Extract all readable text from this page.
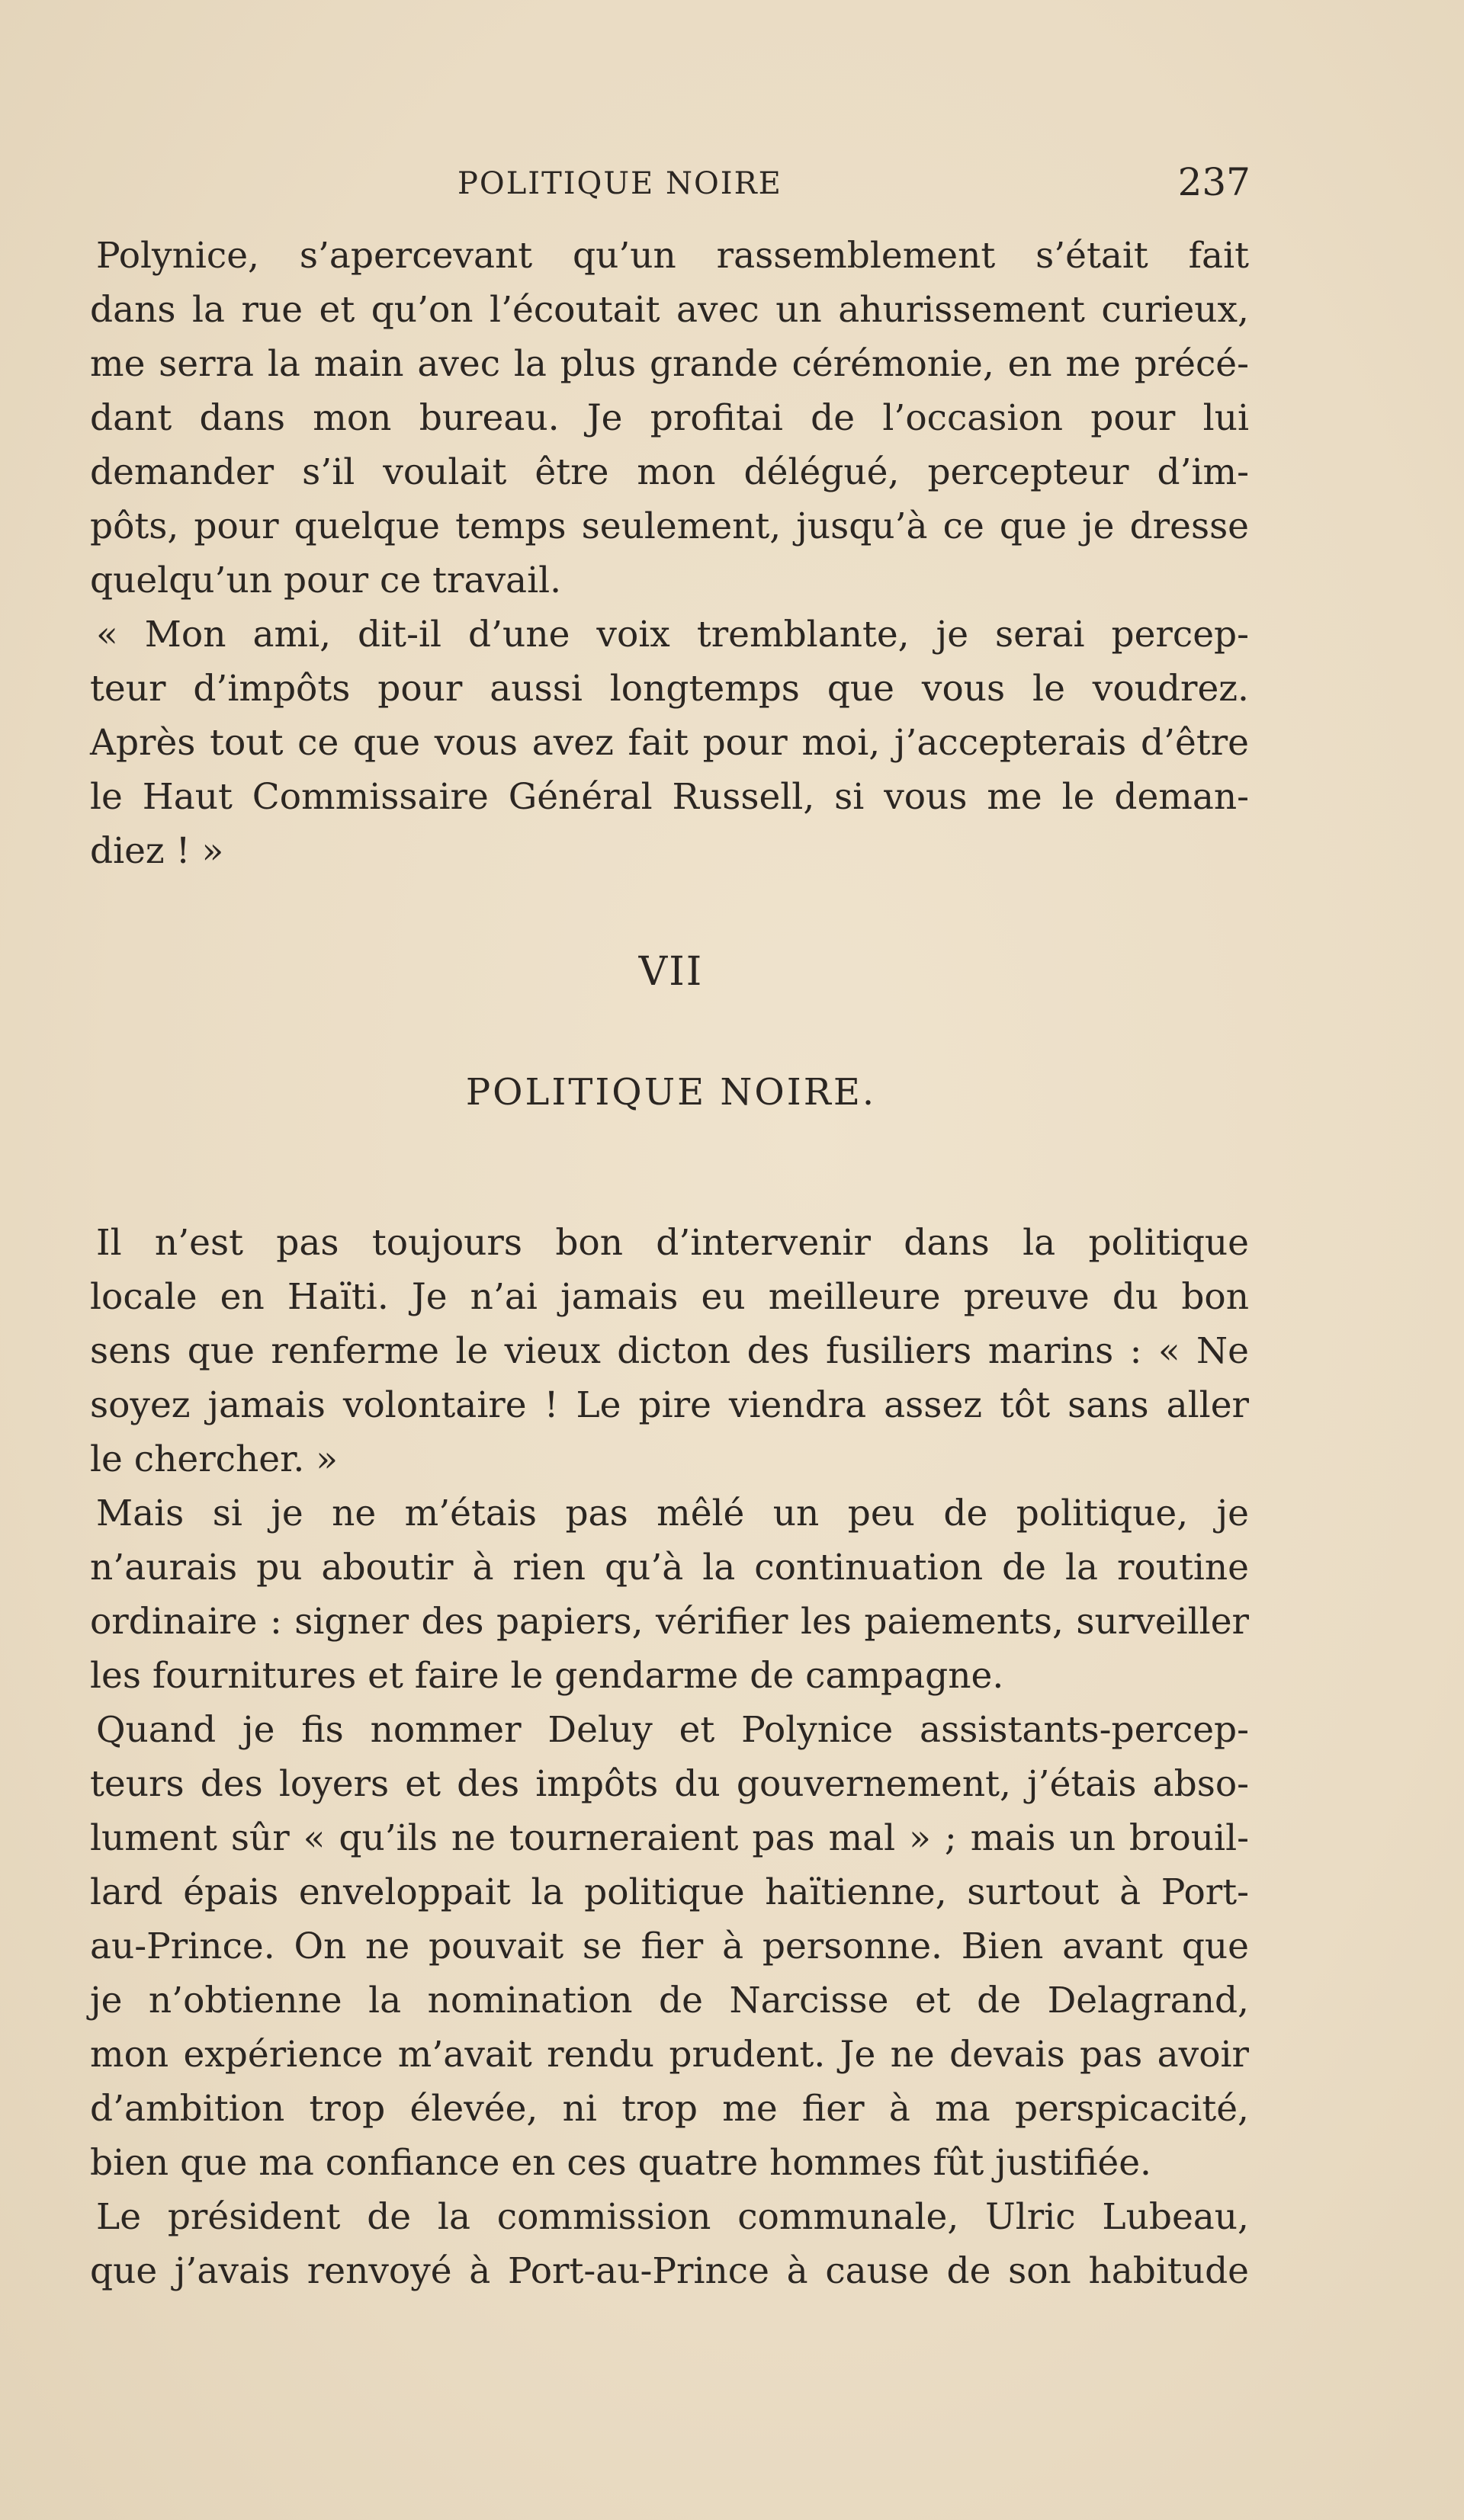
POLITIQUE NOIRE	237
Polynice, s’apercevant qu’un rassemblement s’était fait
dans la rue et qu’on l’écoutait avec un ahurissement curieux,
me serra la main avec la plus grande cérémonie, en me précé-
dant dans mon bureau. Je profitai de l’occasion pour lui
demander s’il voulait être mon délégué, percepteur d’im-
pôts, pour quelque temps seulement, jusqu’à ce que je dresse
quelqu’un pour ce travail.
« Mon ami, dit-il d’une voix tremblante, je serai percep-
teur d’impôts pour aussi longtemps que vous le voudrez.
Après tout ce que vous avez fait pour moi, j’accepterais d’être
le Haut Commissaire Général Russell, si vous me le deman-
diez ! »
VII
POLITIQUE NOIRE.
Il n’est pas toujours bon d’intervenir dans la politique
locale en Haïti. Je n’ai jamais eu meilleure preuve du bon
sens que renferme le vieux dicton des fusiliers marins : « Ne
soyez jamais volontaire ! Le pire viendra assez tôt sans aller
le chercher. »
Mais si je ne m’étais pas mêlé un peu de politique, je
n’aurais pu aboutir à rien qu’à la continuation de la routine
ordinaire : signer des papiers, vérifier les paiements, surveiller
les fournitures et faire le gendarme de campagne.
Quand je fis nommer Deluy et Polynice assistants-percep-
teurs des loyers et des impôts du gouvernement, j’étais abso-
lument sûr « qu’ils ne tourneraient pas mal » ; mais un brouil-
lard épais enveloppait la politique haïtienne, surtout à Port-
au-Prince. On ne pouvait se fier à personne. Bien avant que
je n’obtienne la nomination de Narcisse et de Delagrand,
mon expérience m’avait rendu prudent. Je ne devais pas avoir
d’ambition trop élevée, ni trop me fier à ma perspicacité,
bien que ma confiance en ces quatre hommes fût justifiée.
Le président de la commission communale, Ulric Lubeau,
que j’avais renvoyé à Port-au-Prince à cause de son habitude
